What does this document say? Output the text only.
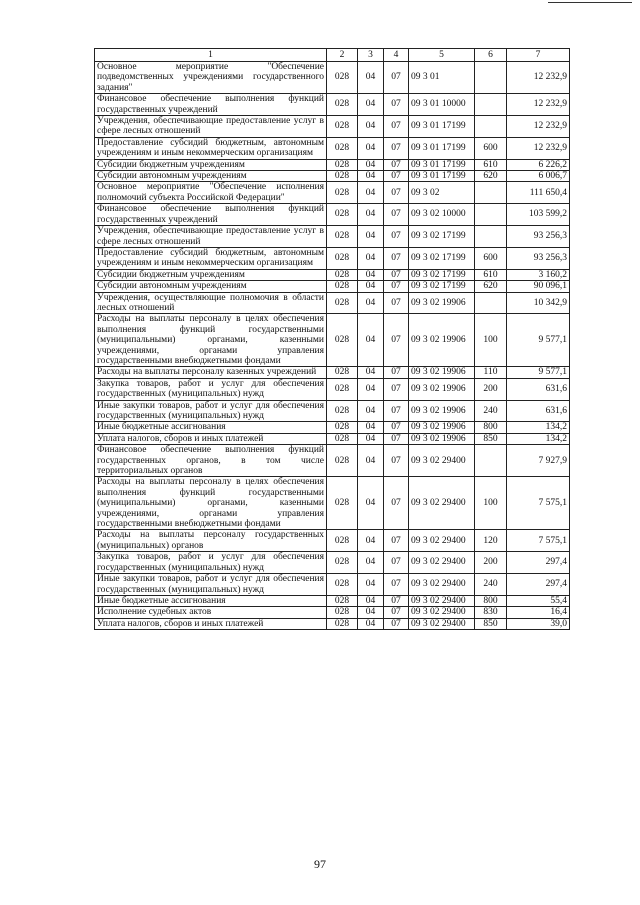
1	2	3	4	5	6	7
Основное мероприятие "Обеспечение подведомственных учреждениями государственного задания"	028	04	07	09 3 01		12 232,9
Финансовое обеспечение выполнения функций государственных учреждений	028	04	07	09 3 01 10000		12 232,9
Учреждения, обеспечивающие предоставление услуг в сфере лесных отношений	028	04	07	09 3 01 17199		12 232,9
Предоставление субсидий бюджетным, автономным учреждениям и иным некоммерческим организациям	028	04	07	09 3 01 17199	600	12 232,9
Субсидии бюджетным учреждениям	028	04	07	09 3 01 17199	610	6 226,2
Субсидии автономным учреждениям	028	04	07	09 3 01 17199	620	6 006,7
Основное мероприятие "Обеспечение исполнения полномочий субъекта Российской Федерации"	028	04	07	09 3 02		111 650,4
Финансовое обеспечение выполнения функций государственных учреждений	028	04	07	09 3 02 10000		103 599,2
Учреждения, обеспечивающие предоставление услуг в сфере лесных отношений	028	04	07	09 3 02 17199		93 256,3
Предоставление субсидий бюджетным, автономным учреждениям и иным некоммерческим организациям	028	04	07	09 3 02 17199	600	93 256,3
Субсидии бюджетным учреждениям	028	04	07	09 3 02 17199	610	3 160,2
Субсидии автономным учреждениям	028	04	07	09 3 02 17199	620	90 096,1
Учреждения, осуществляющие полномочия в области лесных отношений	028	04	07	09 3 02 19906		10 342,9
Расходы на выплаты персоналу в целях обеспечения выполнения функций государственными (муниципальными) органами, казенными учреждениями, органами управления государственными внебюджетными фондами	028	04	07	09 3 02 19906	100	9 577,1
Расходы на выплаты персоналу казенных учреждений	028	04	07	09 3 02 19906	110	9 577,1
Закупка товаров, работ и услуг для обеспечения государственных (муниципальных) нужд	028	04	07	09 3 02 19906	200	631,6
Иные закупки товаров, работ и услуг для обеспечения государственных (муниципальных) нужд	028	04	07	09 3 02 19906	240	631,6
Иные бюджетные ассигнования	028	04	07	09 3 02 19906	800	134,2
Уплата налогов, сборов и иных платежей	028	04	07	09 3 02 19906	850	134,2
Финансовое обеспечение выполнения функций государственных органов, в том числе территориальных органов	028	04	07	09 3 02 29400		7 927,9
Расходы на выплаты персоналу в целях обеспечения выполнения функций государственными (муниципальными) органами, казенными учреждениями, органами управления государственными внебюджетными фондами	028	04	07	09 3 02 29400	100	7 575,1
Расходы на выплаты персоналу государственных (муниципальных) органов	028	04	07	09 3 02 29400	120	7 575,1
Закупка товаров, работ и услуг для обеспечения государственных (муниципальных) нужд	028	04	07	09 3 02 29400	200	297,4
Иные закупки товаров, работ и услуг для обеспечения государственных (муниципальных) нужд	028	04	07	09 3 02 29400	240	297,4
Иные бюджетные ассигнования	028	04	07	09 3 02 29400	800	55,4
Исполнение судебных актов	028	04	07	09 3 02 29400	830	16,4
Уплата налогов, сборов и иных платежей	028	04	07	09 3 02 29400	850	39,0
97
